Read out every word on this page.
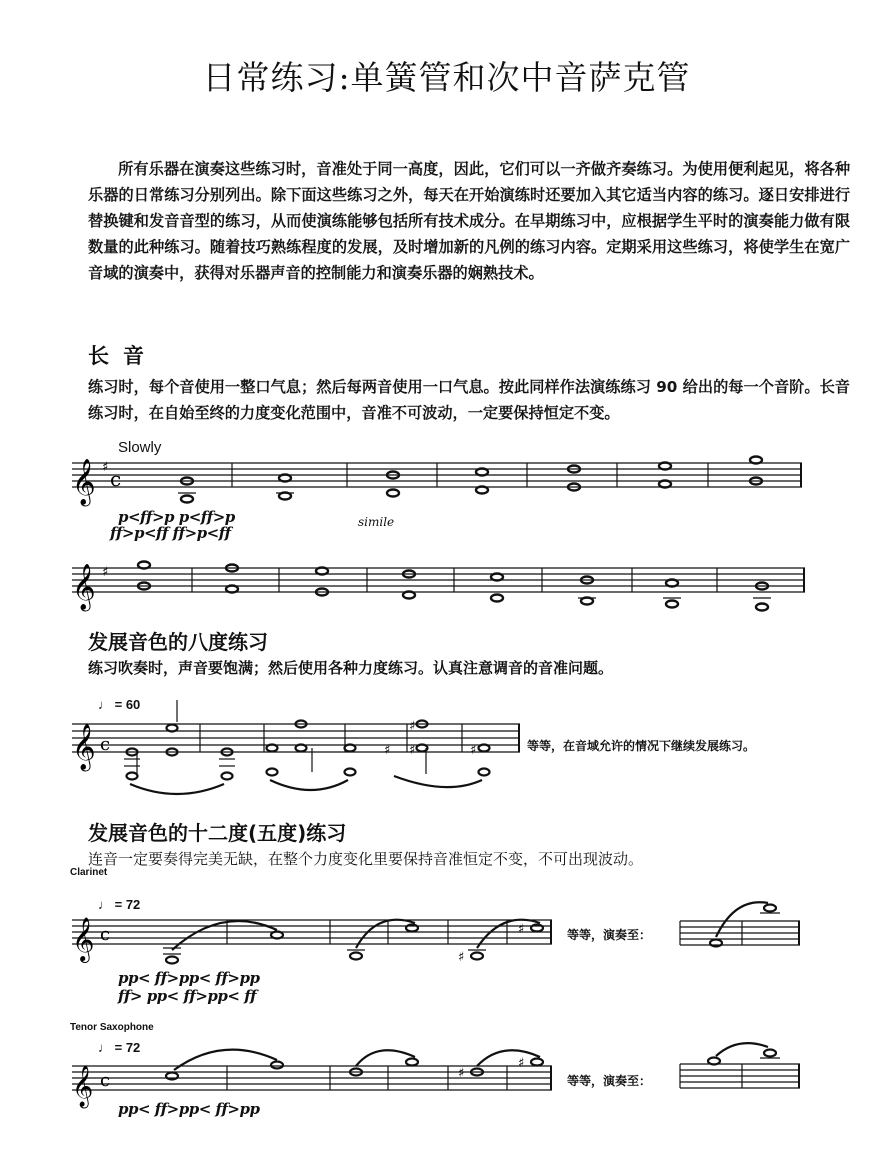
日常练习:单簧管和次中音萨克管
所有乐器在演奏这些练习时，音准处于同一高度，因此，它们可以一齐做齐奏练习。为使用便利起见，将各种乐器的日常练习分别列出。除下面这些练习之外，每天在开始演练时还要加入其它适当内容的练习。逐日安排进行替换键和发音音型的练习，从而使演练能够包括所有技术成分。在早期练习中，应根据学生平时的演奏能力做有限数量的此种练习。随着技巧熟练程度的发展，及时增加新的凡例的练习内容。定期采用这些练习，将使学生在宽广音域的演奏中，获得对乐器声音的控制能力和演奏乐器的娴熟技术。
长音
练习时，每个音使用一整口气息；然后每两音使用一口气息。按此同样作法演练练习 90 给出的每一个音阶。长音练习时，在自始至终的力度变化范围中，音准不可波动，一定要保持恒定不变。
Slowly
𝄞 ♯ c
p<ff>p p<ff>p
ff>p<ff ff>p<ff
simile
𝄞 ♯
发展音色的八度练习
练习吹奏时，声音要饱满；然后使用各种力度练习。认真注意调音的音准问题。
♩ = 60
𝄞 c	♯
♯
♯	♯	等等，在音域允许的情况下继续发展练习。
发展音色的十二度(五度)练习
连音一定要奏得完美无缺，在整个力度变化里要保持音准恒定不变，不可出现波动。
Clarinet
♩ = 72
𝄞 c
♯
♯
pp< ff>pp< ff>pp
ff> pp< ff>pp< ff
等等，演奏至：
Tenor Saxophone
♩ = 72
𝄞 c	♯
♯
pp< ff>pp< ff>pp
等等，演奏至：
